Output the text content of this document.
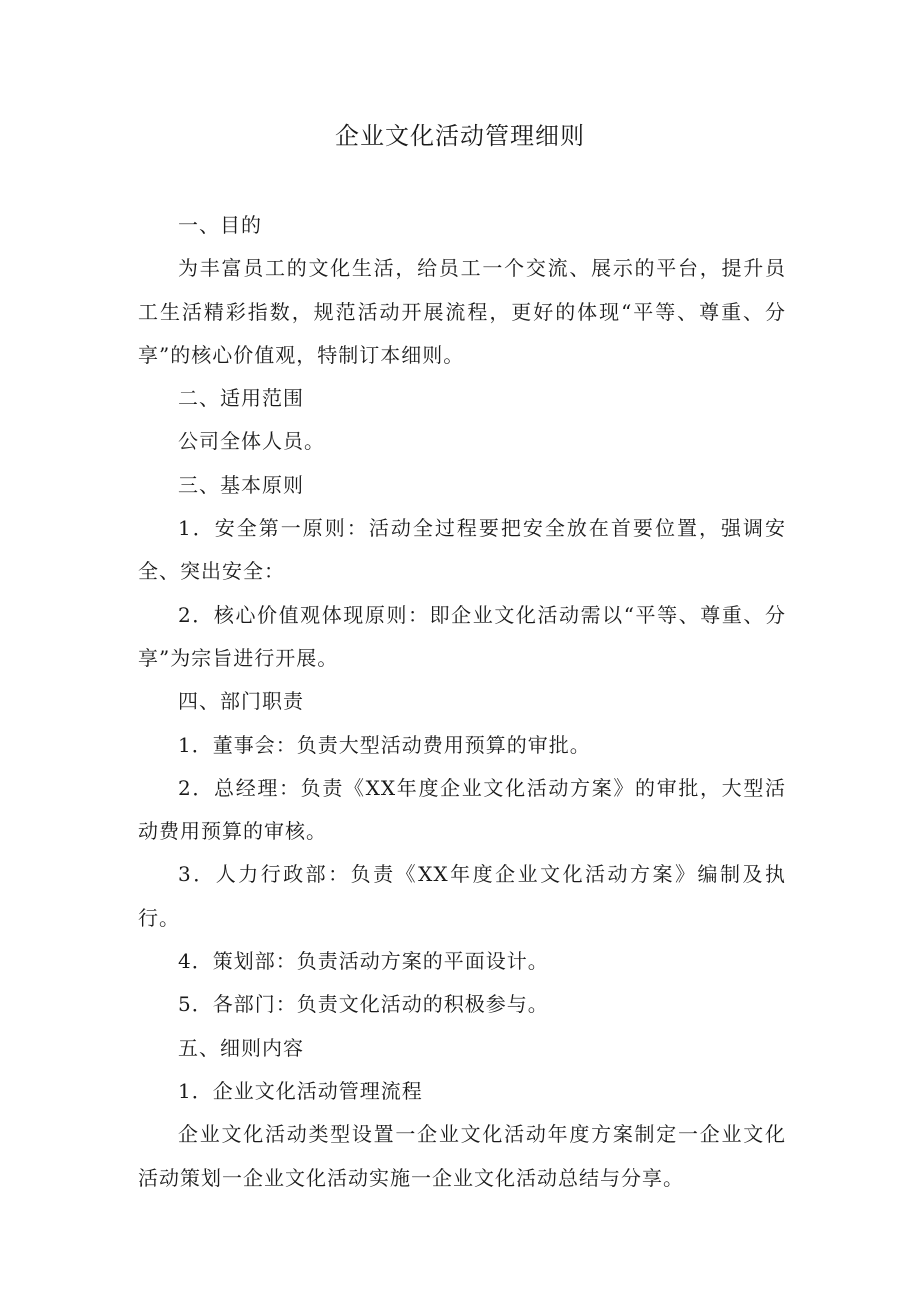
企业文化活动管理细则

一、目的

为丰富员工的文化生活，给员工一个交流、展示的平台，提升员工生活精彩指数，规范活动开展流程，更好的体现“平等、尊重、分享”的核心价值观，特制订本细则。

二、适用范围

公司全体人员。

三、基本原则

1．安全第一原则：活动全过程要把安全放在首要位置，强调安全、突出安全：

2．核心价值观体现原则：即企业文化活动需以“平等、尊重、分享”为宗旨进行开展。

四、部门职责

1．董事会：负责大型活动费用预算的审批。

2．总经理：负责《XX年度企业文化活动方案》的审批，大型活动费用预算的审核。

3．人力行政部：负责《XX年度企业文化活动方案》编制及执行。

4．策划部：负责活动方案的平面设计。

5．各部门：负责文化活动的积极参与。

五、细则内容

1．企业文化活动管理流程

企业文化活动类型设置一企业文化活动年度方案制定一企业文化活动策划一企业文化活动实施一企业文化活动总结与分享。
